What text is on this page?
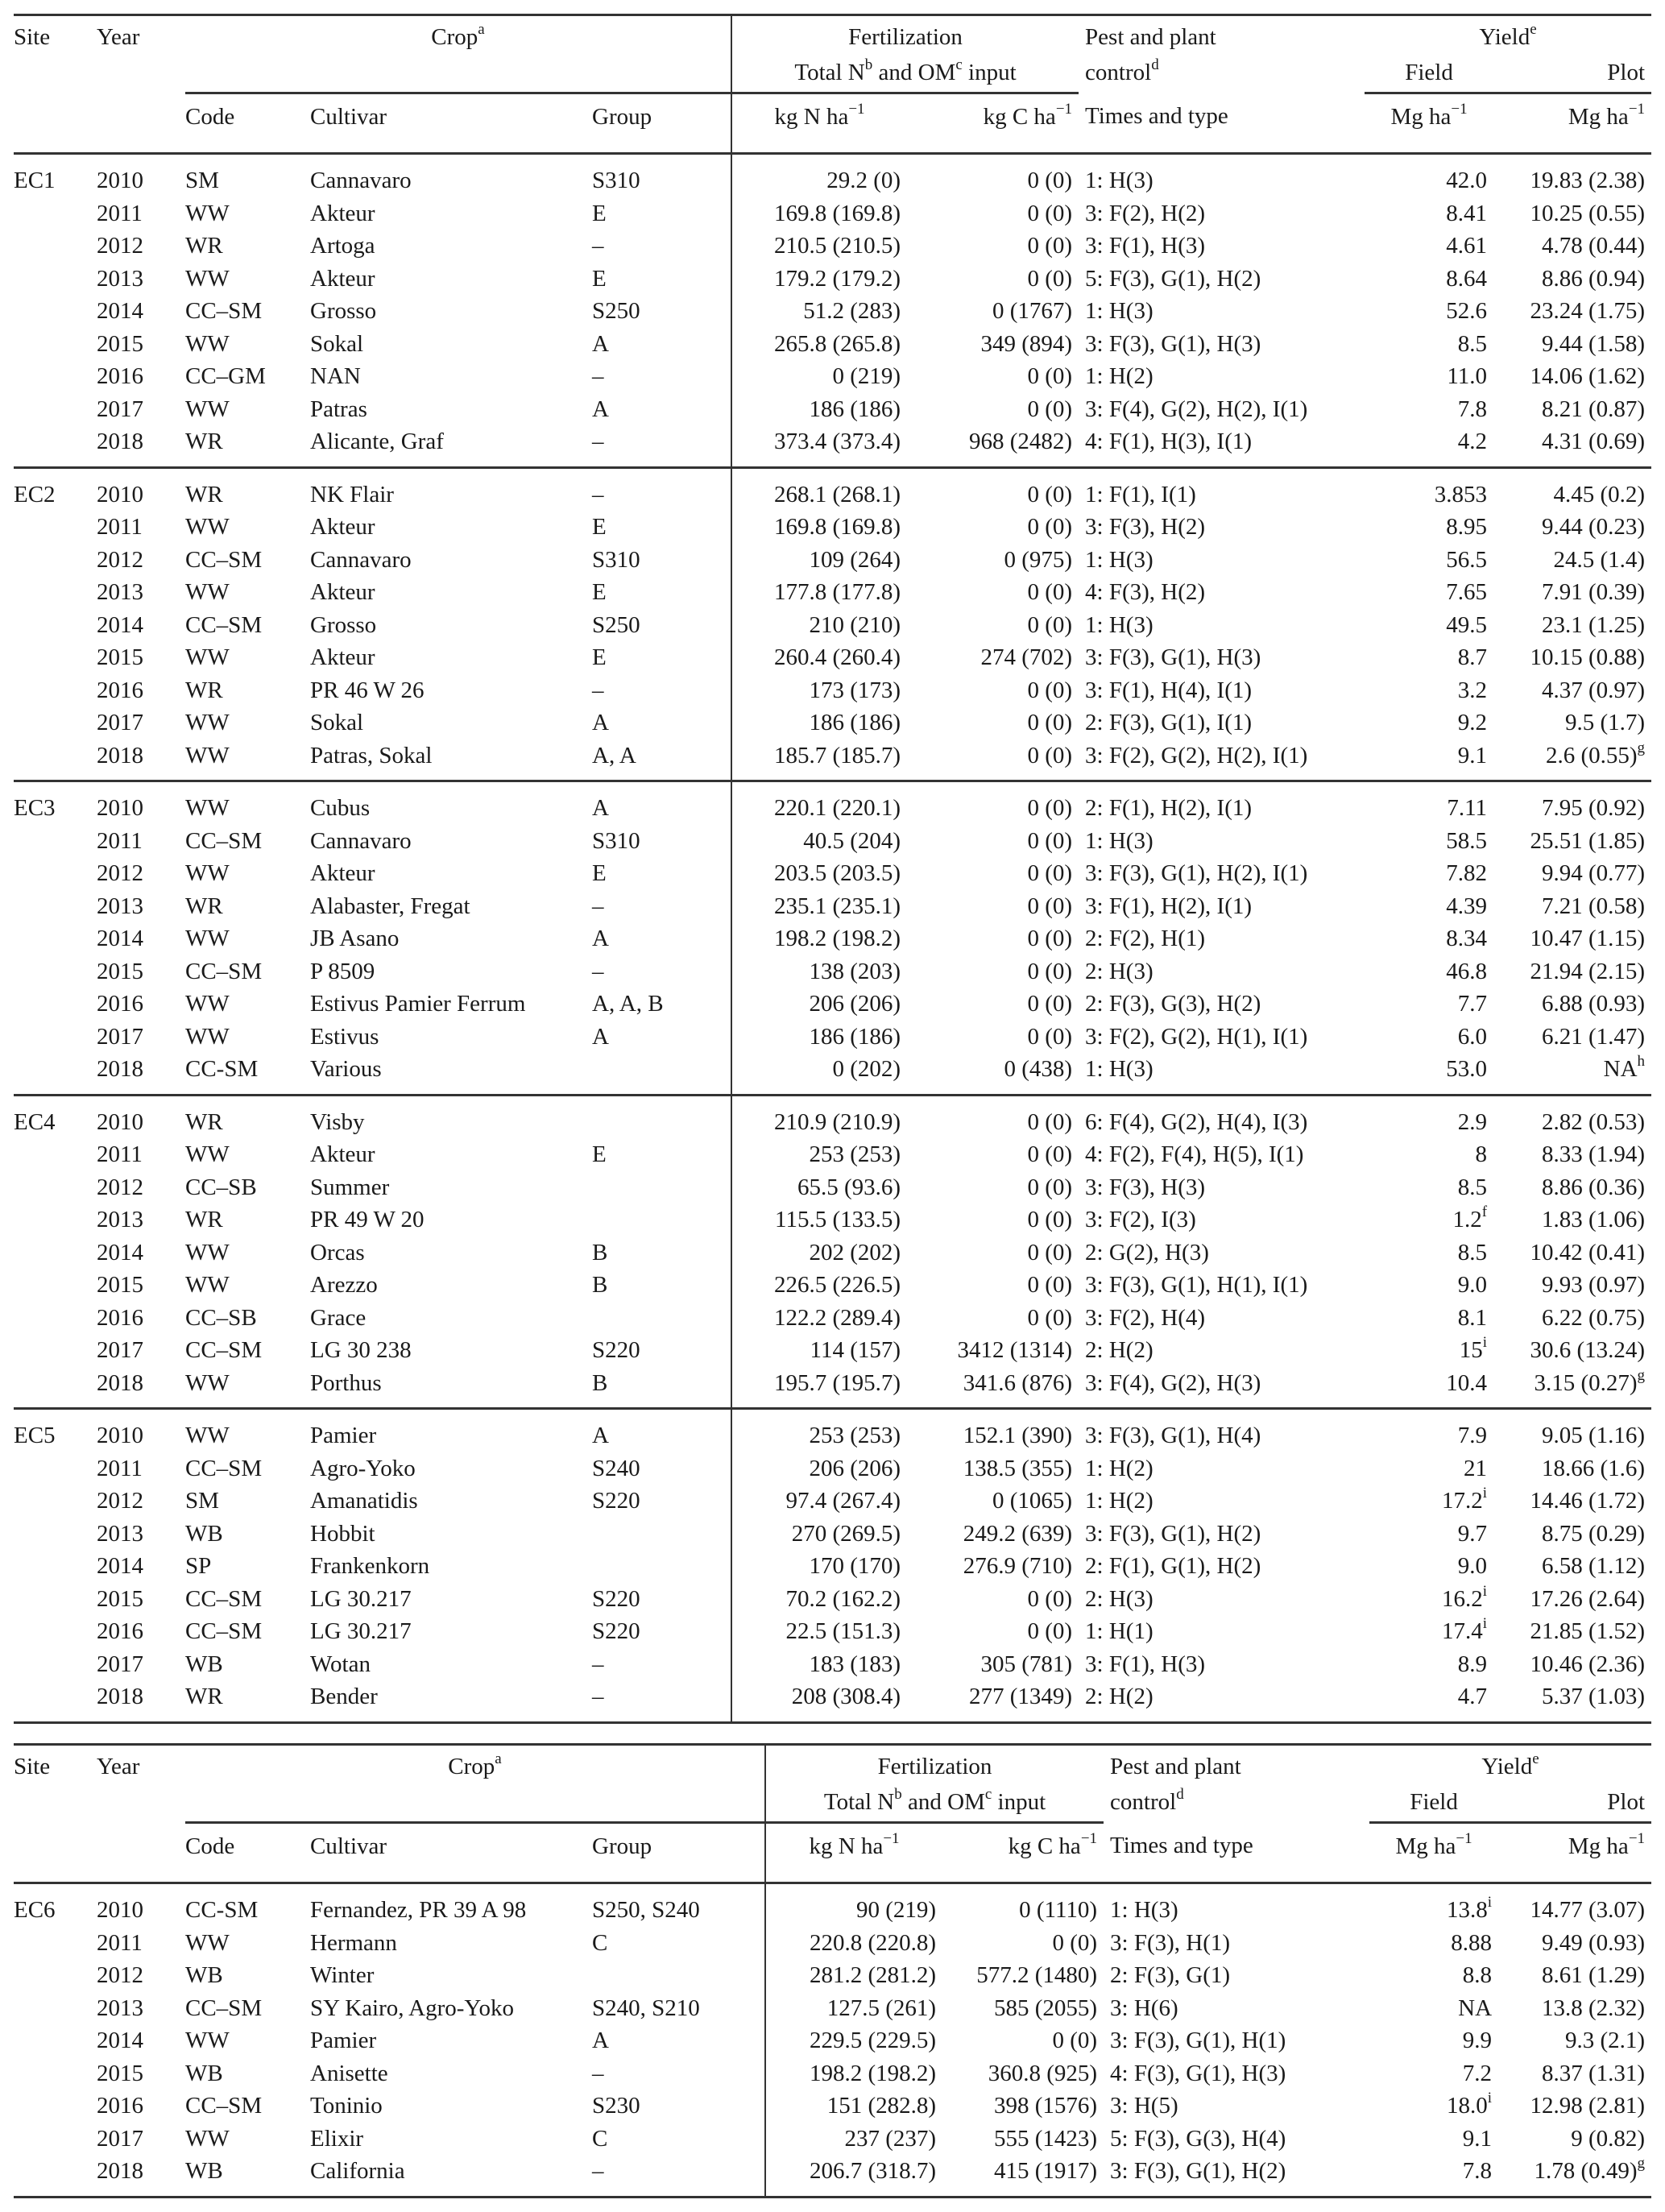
Site	Year	Crop$^a$			Fertilization		Pest and plant	Yield$^e$
					Total $N^b$ and $OM^c$ input		control$^d$	Field	Plot
		Code	Cultivar	Group	kg N $ha^{-1}$	kg C $ha^{-1}$	Times and type	Mg $ha^{-1}$	Mg $ha^{-1}$
EC1	2010	SM	Cannavaro	S310	29.2 (0)	0 (0)	1: H(3)	42.0	19.83 (2.38)
	2011	WW	Akteur	E	169.8 (169.8)	0 (0)	3: F(2), H(2)	8.41	10.25 (0.55)
	2012	WR	Artoga	–	210.5 (210.5)	0 (0)	3: F(1), H(3)	4.61	4.78 (0.44)
	2013	WW	Akteur	E	179.2 (179.2)	0 (0)	5: F(3), G(1), H(2)	8.64	8.86 (0.94)
	2014	CC–SM	Grosso	S250	51.2 (283)	0 (1767)	1: H(3)	52.6	23.24 (1.75)
	2015	WW	Sokal	A	265.8 (265.8)	349 (894)	3: F(3), G(1), H(3)	8.5	9.44 (1.58)
	2016	CC–GM	NAN	–	0 (219)	0 (0)	1: H(2)	11.0	14.06 (1.62)
	2017	WW	Patras	A	186 (186)	0 (0)	3: F(4), G(2), H(2), I(1)	7.8	8.21 (0.87)
	2018	WR	Alicante, Graf	–	373.4 (373.4)	968 (2482)	4: F(1), H(3), I(1)	4.2	4.31 (0.69)
EC2	2010	WR	NK Flair	–	268.1 (268.1)	0 (0)	1: F(1), I(1)	3.853	4.45 (0.2)
	2011	WW	Akteur	E	169.8 (169.8)	0 (0)	3: F(3), H(2)	8.95	9.44 (0.23)
	2012	CC–SM	Cannavaro	S310	109 (264)	0 (975)	1: H(3)	56.5	24.5 (1.4)
	2013	WW	Akteur	E	177.8 (177.8)	0 (0)	4: F(3), H(2)	7.65	7.91 (0.39)
	2014	CC–SM	Grosso	S250	210 (210)	0 (0)	1: H(3)	49.5	23.1 (1.25)
	2015	WW	Akteur	E	260.4 (260.4)	274 (702)	3: F(3), G(1), H(3)	8.7	10.15 (0.88)
	2016	WR	PR 46 W 26	–	173 (173)	0 (0)	3: F(1), H(4), I(1)	3.2	4.37 (0.97)
	2017	WW	Sokal	A	186 (186)	0 (0)	2: F(3), G(1), I(1)	9.2	9.5 (1.7)
	2018	WW	Patras, Sokal	A, A	185.7 (185.7)	0 (0)	3: F(2), G(2), H(2), I(1)	9.1	2.6 $(0.55)^g$
EC3	2010	WW	Cubus	A	220.1 (220.1)	0 (0)	2: F(1), H(2), I(1)	7.11	7.95 (0.92)
	2011	CC–SM	Cannavaro	S310	40.5 (204)	0 (0)	1: H(3)	58.5	25.51 (1.85)
	2012	WW	Akteur	E	203.5 (203.5)	0 (0)	3: F(3), G(1), H(2), I(1)	7.82	9.94 (0.77)
	2013	WR	Alabaster, Fregat	–	235.1 (235.1)	0 (0)	3: F(1), H(2), I(1)	4.39	7.21 (0.58)
	2014	WW	JB Asano	A	198.2 (198.2)	0 (0)	2: F(2), H(1)	8.34	10.47 (1.15)
	2015	CC–SM	P 8509	–	138 (203)	0 (0)	2: H(3)	46.8	21.94 (2.15)
	2016	WW	Estivus Pamier Ferrum	A, A, B	206 (206)	0 (0)	2: F(3), G(3), H(2)	7.7	6.88 (0.93)
	2017	WW	Estivus	A	186 (186)	0 (0)	3: F(2), G(2), H(1), I(1)	6.0	6.21 (1.47)
	2018	CC-SM	Various		0 (202)	0 (438)	1: H(3)	53.0	$NA^h$
EC4	2010	WR	Visby		210.9 (210.9)	0 (0)	6: F(4), G(2), H(4), I(3)	2.9	2.82 (0.53)
	2011	WW	Akteur	E	253 (253)	0 (0)	4: F(2), F(4), H(5), I(1)	8	8.33 (1.94)
	2012	CC–SB	Summer		65.5 (93.6)	0 (0)	3: F(3), H(3)	8.5	8.86 (0.36)
	2013	WR	PR 49 W 20		115.5 (133.5)	0 (0)	3: F(2), I(3)	1.2$^f$	1.83 (1.06)
	2014	WW	Orcas	B	202 (202)	0 (0)	2: G(2), H(3)	8.5	10.42 (0.41)
	2015	WW	Arezzo	B	226.5 (226.5)	0 (0)	3: F(3), G(1), H(1), I(1)	9.0	9.93 (0.97)
	2016	CC–SB	Grace		122.2 (289.4)	0 (0)	3: F(2), H(4)	8.1	6.22 (0.75)
	2017	CC–SM	LG 30 238	S220	114 (157)	3412 (1314)	2: H(2)	15$^i$	30.6 (13.24)
	2018	WW	Porthus	B	195.7 (195.7)	341.6 (876)	3: F(4), G(2), H(3)	10.4	3.15 $(0.27)^g$
EC5	2010	WW	Pamier	A	253 (253)	152.1 (390)	3: F(3), G(1), H(4)	7.9	9.05 (1.16)
	2011	CC–SM	Agro-Yoko	S240	206 (206)	138.5 (355)	1: H(2)	21	18.66 (1.6)
	2012	SM	Amanatidis	S220	97.4 (267.4)	0 (1065)	1: H(2)	17.2$^i$	14.46 (1.72)
	2013	WB	Hobbit		270 (269.5)	249.2 (639)	3: F(3), G(1), H(2)	9.7	8.75 (0.29)
	2014	SP	Frankenkorn		170 (170)	276.9 (710)	2: F(1), G(1), H(2)	9.0	6.58 (1.12)
	2015	CC–SM	LG 30.217	S220	70.2 (162.2)	0 (0)	2: H(3)	16.2$^i$	17.26 (2.64)
	2016	CC–SM	LG 30.217	S220	22.5 (151.3)	0 (0)	1: H(1)	17.4$^i$	21.85 (1.52)
	2017	WB	Wotan	–	183 (183)	305 (781)	3: F(1), H(3)	8.9	10.46 (2.36)
	2018	WR	Bender	–	208 (308.4)	277 (1349)	2: H(2)	4.7	5.37 (1.03)
Site	Year	Crop$^a$			Fertilization		Pest and plant	Yield$^e$
					Total $N^b$ and $OM^c$ input		control$^d$	Field	Plot
		Code	Cultivar	Group	kg N $ha^{-1}$	kg C $ha^{-1}$	Times and type	Mg $ha^{-1}$	Mg $ha^{-1}$
EC6	2010	CC-SM	Fernandez, PR 39 A 98	S250, S240	90 (219)	0 (1110)	1: H(3)	13.8$^i$	14.77 (3.07)
	2011	WW	Hermann	C	220.8 (220.8)	0 (0)	3: F(3), H(1)	8.88	9.49 (0.93)
	2012	WB	Winter		281.2 (281.2)	577.2 (1480)	2: F(3), G(1)	8.8	8.61 (1.29)
	2013	CC–SM	SY Kairo, Agro-Yoko	S240, S210	127.5 (261)	585 (2055)	3: H(6)	NA	13.8 (2.32)
	2014	WW	Pamier	A	229.5 (229.5)	0 (0)	3: F(3), G(1), H(1)	9.9	9.3 (2.1)
	2015	WB	Anisette	–	198.2 (198.2)	360.8 (925)	4: F(3), G(1), H(3)	7.2	8.37 (1.31)
	2016	CC–SM	Toninio	S230	151 (282.8)	398 (1576)	3: H(5)	18.0$^i$	12.98 (2.81)
	2017	WW	Elixir	C	237 (237)	555 (1423)	5: F(3), G(3), H(4)	9.1	9 (0.82)
	2018	WB	California	–	206.7 (318.7)	415 (1917)	3: F(3), G(1), H(2)	7.8	1.78 $(0.49)^g$
